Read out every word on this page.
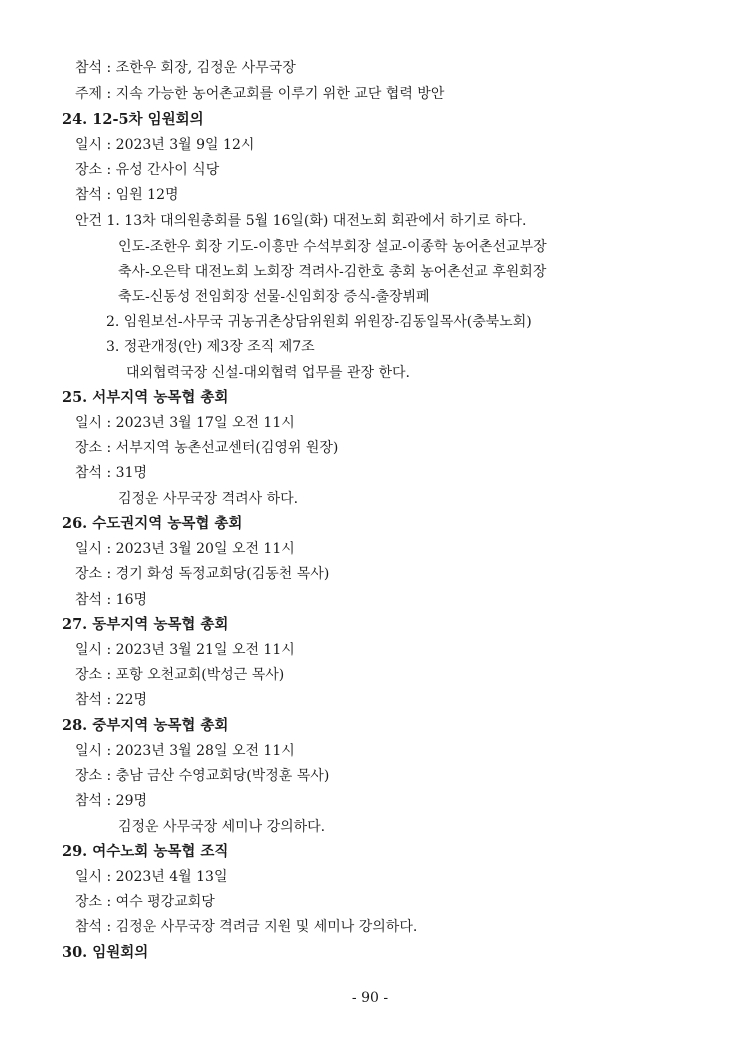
참석 : 조한우 회장, 김정운 사무국장
주제 : 지속 가능한 농어촌교회를 이루기 위한 교단 협력 방안
24. 12-5차 임원회의
일시 : 2023년 3월 9일 12시
장소 : 유성 간사이 식당
참석 : 임원 12명
안건 1. 13차 대의원총회를 5월 16일(화) 대전노회 회관에서 하기로 하다.
인도-조한우 회장 기도-이흥만 수석부회장 설교-이종학 농어촌선교부장
축사-오은탁 대전노회 노회장 격려사-김한호 총회 농어촌선교 후원회장
축도-신동성 전임회장 선물-신임회장 증식-출장뷔페
2. 임원보선-사무국 귀농귀촌상담위원회 위원장-김동일목사(충북노회)
3. 정관개정(안) 제3장 조직 제7조
대외협력국장 신설-대외협력 업무를 관장 한다.
25. 서부지역 농목협 총회
일시 : 2023년 3월 17일 오전 11시
장소 : 서부지역 농촌선교센터(김영위 원장)
참석 : 31명
김정운 사무국장 격려사 하다.
26. 수도권지역 농목협 총회
일시 : 2023년 3월 20일 오전 11시
장소 : 경기 화성 독정교회당(김동천 목사)
참석 : 16명
27. 동부지역 농목협 총회
일시 : 2023년 3월 21일 오전 11시
장소 : 포항 오천교회(박성근 목사)
참석 : 22명
28. 중부지역 농목협 총회
일시 : 2023년 3월 28일 오전 11시
장소 : 충남 금산 수영교회당(박정훈 목사)
참석 : 29명
김정운 사무국장 세미나 강의하다.
29. 여수노회 농목협 조직
일시 : 2023년 4월 13일
장소 : 여수 평강교회당
참석 : 김정운 사무국장 격려금 지원 및 세미나 강의하다.
30. 임원회의
- 90 -
